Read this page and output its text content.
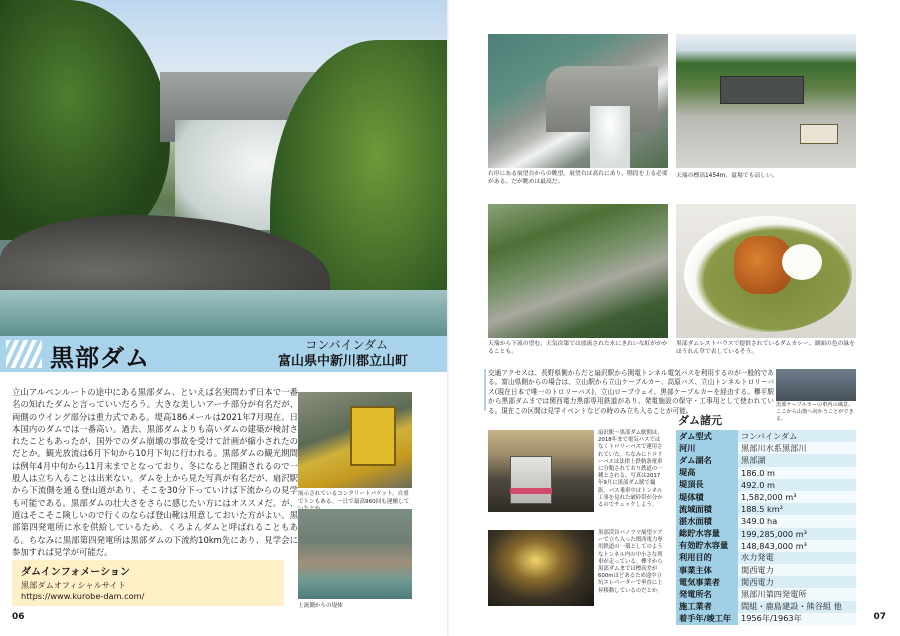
黒部ダム	コンバインダム
富山県中新川郡立山町

立山アルペンルートの途中にある黒部ダム、といえば名実問わず日本で一番名の知れたダムと言っていいだろう。大きな美しいアーチ部分が有名だが、両側のウイング部分は重力式である。堤高186メールは2021年7月現在、日本国内のダムでは一番高い。過去、黒部ダムよりも高いダムの建築が検討されたこともあったが、国外でのダム崩壊の事故を受けて計画が縮小されたのだとか。観光放流は6月下旬から10月下旬に行われる。黒部ダムの観光期間は例年4月中旬から11月末までとなっており、冬になると閉鎖されるので一般人は立ち入ることは出来ない。ダムを上から見た写真が有名だが、扇沢駅から下流側を通る登山道があり、そこを30分下っていけば下流からの見学も可能である。黒部ダムの壮大さをさらに感じたい方にはオススメだ。が、道はそこそこ険しいので行くのならば登山靴は用意しておいた方がよい。黒部第四発電所に水を供給しているため、くろよんダムと呼ばれることもある。ちなみに黒部第四発電所は黒部ダムの下流約10km先にあり、見学会に参加すれば見学が可能だ。

展示されているコンクリートバケット。自重でトンもある。一日で最高960回も運搬して
上流側からの堤体
ダムインフォメーション
黒部ダムオフィシャルサイト
https://www.kurobe-dam.com/
06
右岸にある展望台からの眺望。展望台は高台にあり、階段を上る必要がある。だが眺めは最高だ。
天端の標高1454m。夏場でも涼しい。
天端から下流の望む。天気次第では放流された水にきれいな虹がかかることも。
黒部ダムレストハウスで提供されているダムカレー。湖面の色の緑をほうれん草で表しているそう。

交通アクセスは、長野県側からだと扇沢駅から関電トンネル電気バスを利用するのが一般的である。富山県側からの場合は、立山駅から立山ケーブルカー、高原バス、立山トンネルトロリーバス(現在日本で唯一のトロリーバス)、立山ロープウェイ、黒部ケーブルカーを経由する。欅平駅から黒部ダムまでは関西電力黒部専用鉄道があり、発電施設の保守・工事用として使われている。現在この区間は見学イベントなどの時のみ立ち入ることが可能。

黒部ケーブルカーの車内の風景。ここから山奥へ向かうことができる。
扇沢駅〜黒部ダム駅間は、2018年まで電気バスではなくトロリーバスで運用されていた。ちなみにトロリーバスは法律上鉄軌条電車に分類されており鉄道の一種とされる。写真は2017年9月に黒部ダム駅で撮影。バス乗車中はトンネル工事を見れた破砕帯が分かるのでチェックしよう。
黒部渓谷パノラマ展望ツアーで立ち入った関西電力専用鉄道の一環としてのようなトンネル内の中小さな列車が走っている。欅平から黒部ダムまでは標高差が600mほどあるため途中立坑エレベーターで垂直に上昇移動しているのだとか。
ダム諸元
ダム型式	コンバインダム
河川	黒部川水系黒部川
ダム湖名	黒部湖
堤高	186.0 m
堤頂長	492.0 m
堤体積	1,582,000 m³
流域面積	188.5 km²
湛水面積	349.0 ha
総貯水容量	199,285,000 m³
有効貯水容量	148,843,000 m³
利用目的	水力発電
事業主体	関西電力
電気事業者	関西電力
発電所名	黒部川第四発電所
施工業者	間組・鹿島建設・熊谷組 他
着手年/竣工年	1956年/1963年	07
